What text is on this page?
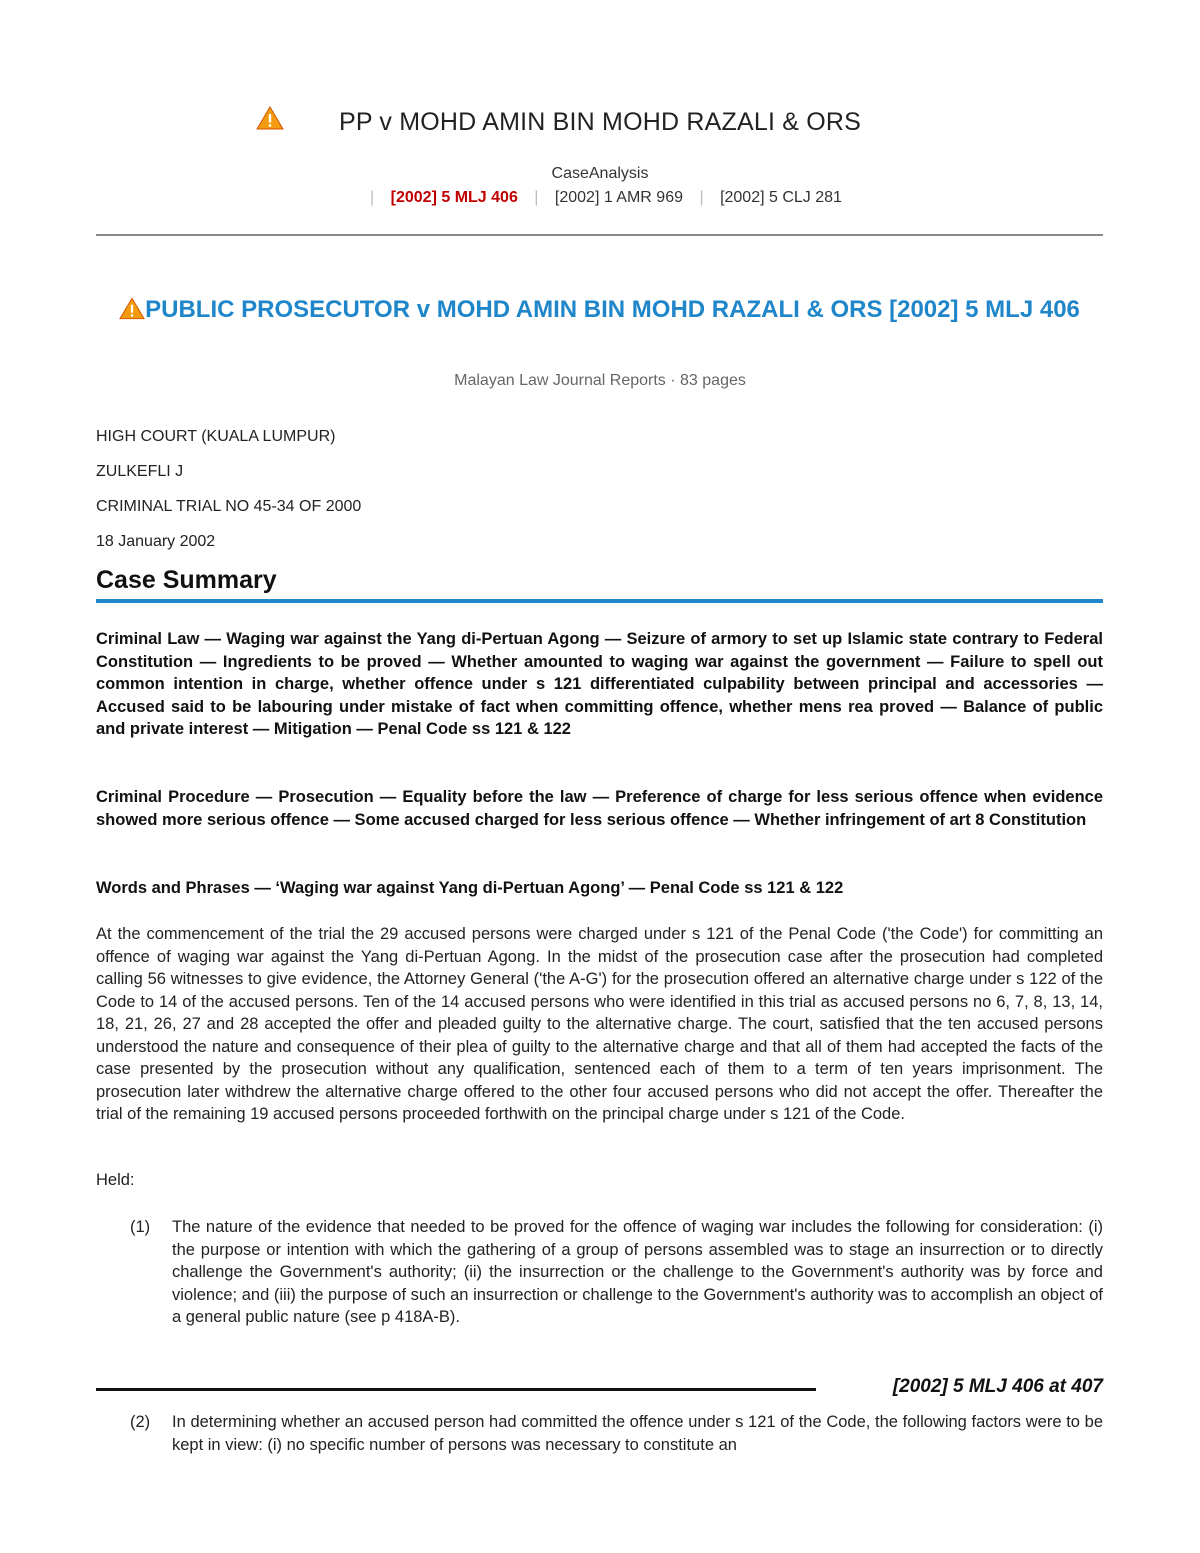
PP v MOHD AMIN BIN MOHD RAZALI & ORS
CaseAnalysis
| [2002] 5 MLJ 406 | [2002] 1 AMR 969 | [2002] 5 CLJ 281
PUBLIC PROSECUTOR v MOHD AMIN BIN MOHD RAZALI & ORS [2002] 5 MLJ 406
Malayan Law Journal Reports · 83 pages
HIGH COURT (KUALA LUMPUR)
ZULKEFLI J
CRIMINAL TRIAL NO 45-34 OF 2000
18 January 2002
Case Summary
Criminal Law — Waging war against the Yang di-Pertuan Agong — Seizure of armory to set up Islamic state contrary to Federal Constitution — Ingredients to be proved — Whether amounted to waging war against the government — Failure to spell out common intention in charge, whether offence under s 121 differentiated culpability between principal and accessories — Accused said to be labouring under mistake of fact when committing offence, whether mens rea proved — Balance of public and private interest — Mitigation — Penal Code ss 121 & 122
Criminal Procedure — Prosecution — Equality before the law — Preference of charge for less serious offence when evidence showed more serious offence — Some accused charged for less serious offence — Whether infringement of art 8 Constitution
Words and Phrases — ‘Waging war against Yang di-Pertuan Agong’ — Penal Code ss 121 & 122
At the commencement of the trial the 29 accused persons were charged under s 121 of the Penal Code ('the Code') for committing an offence of waging war against the Yang di-Pertuan Agong. In the midst of the prosecution case after the prosecution had completed calling 56 witnesses to give evidence, the Attorney General ('the A-G') for the prosecution offered an alternative charge under s 122 of the Code to 14 of the accused persons. Ten of the 14 accused persons who were identified in this trial as accused persons no 6, 7, 8, 13, 14, 18, 21, 26, 27 and 28 accepted the offer and pleaded guilty to the alternative charge. The court, satisfied that the ten accused persons understood the nature and consequence of their plea of guilty to the alternative charge and that all of them had accepted the facts of the case presented by the prosecution without any qualification, sentenced each of them to a term of ten years imprisonment. The prosecution later withdrew the alternative charge offered to the other four accused persons who did not accept the offer. Thereafter the trial of the remaining 19 accused persons proceeded forthwith on the principal charge under s 121 of the Code.
Held:
(1) The nature of the evidence that needed to be proved for the offence of waging war includes the following for consideration: (i) the purpose or intention with which the gathering of a group of persons assembled was to stage an insurrection or to directly challenge the Government's authority; (ii) the insurrection or the challenge to the Government's authority was by force and violence; and (iii) the purpose of such an insurrection or challenge to the Government's authority was to accomplish an object of a general public nature (see p 418A-B).
[2002] 5 MLJ 406 at 407
(2) In determining whether an accused person had committed the offence under s 121 of the Code, the following factors were to be kept in view: (i) no specific number of persons was necessary to constitute an
